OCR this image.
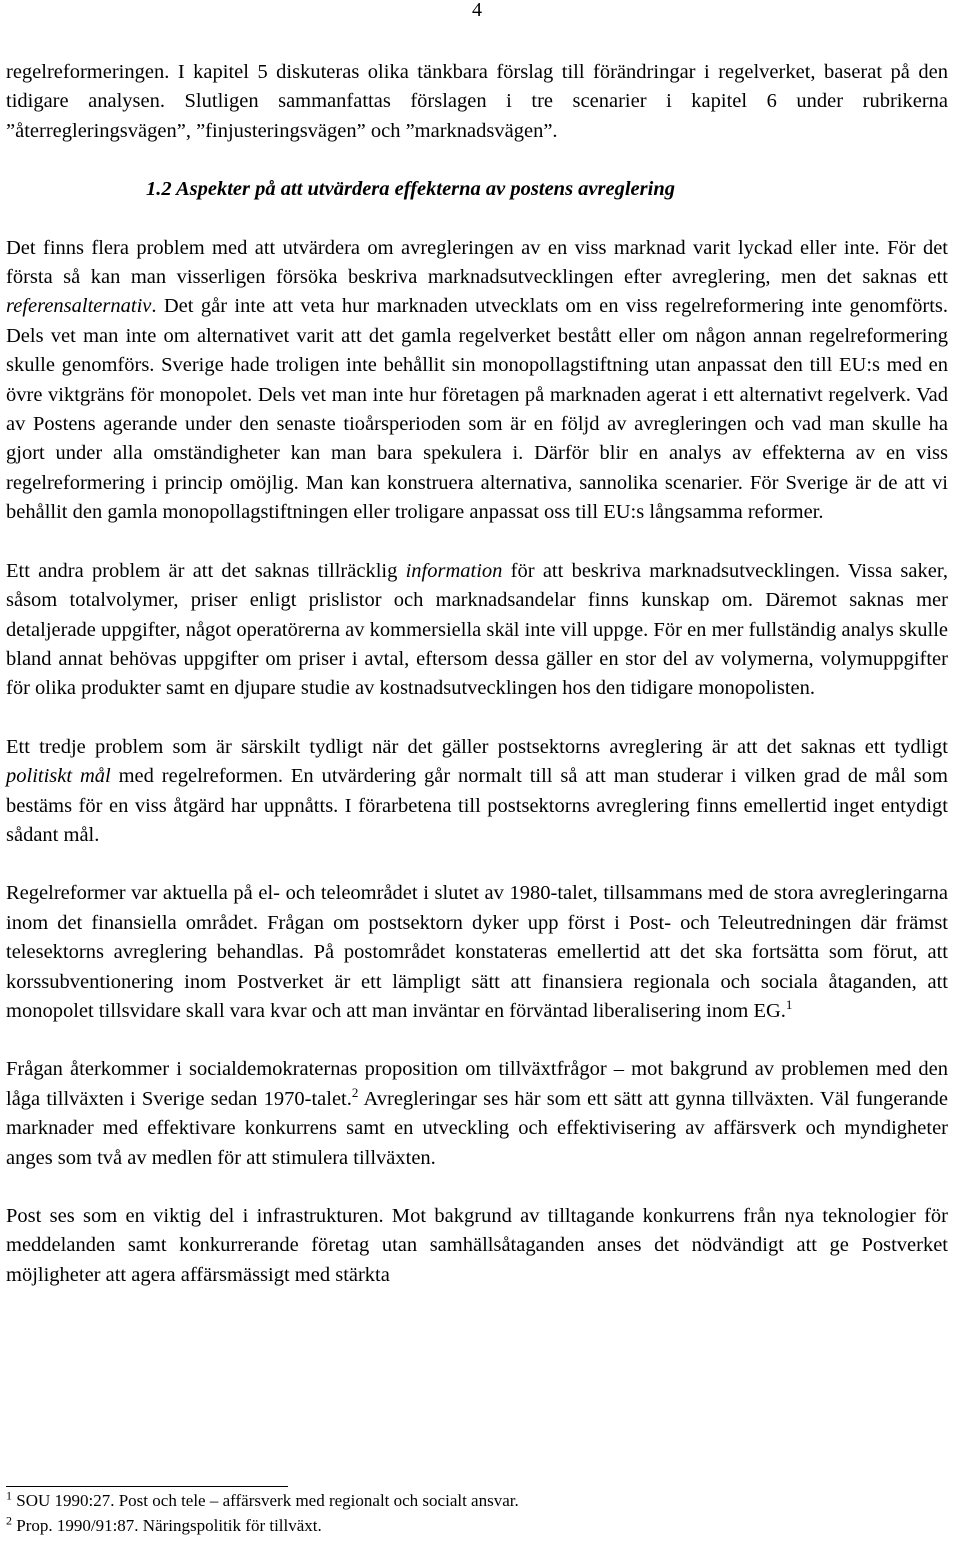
4

regelreformeringen. I kapitel 5 diskuteras olika tänkbara förslag till förändringar i regelverket, baserat på den tidigare analysen. Slutligen sammanfattas förslagen i tre scenarier i kapitel 6 under rubrikerna ”återregleringsvägen”, ”finjusteringsvägen” och ”marknadsvägen”.

1.2 Aspekter på att utvärdera effekterna av postens avreglering

Det finns flera problem med att utvärdera om avregleringen av en viss marknad varit lyckad eller inte. För det första så kan man visserligen försöka beskriva marknadsutvecklingen efter avreglering, men det saknas ett referensalternativ. Det går inte att veta hur marknaden utvecklats om en viss regelreformering inte genomförts. Dels vet man inte om alternativet varit att det gamla regelverket bestått eller om någon annan regelreformering skulle genomförs. Sverige hade troligen inte behållit sin monopollagstiftning utan anpassat den till EU:s med en övre viktgräns för monopolet. Dels vet man inte hur företagen på marknaden agerat i ett alternativt regelverk. Vad av Postens agerande under den senaste tioårsperioden som är en följd av avregleringen och vad man skulle ha gjort under alla omständigheter kan man bara spekulera i. Därför blir en analys av effekterna av en viss regelreformering i princip omöjlig. Man kan konstruera alternativa, sannolika scenarier. För Sverige är de att vi behållit den gamla monopollagstiftningen eller troligare anpassat oss till EU:s långsamma reformer.

Ett andra problem är att det saknas tillräcklig information för att beskriva marknadsutvecklingen. Vissa saker, såsom totalvolymer, priser enligt prislistor och marknadsandelar finns kunskap om. Däremot saknas mer detaljerade uppgifter, något operatörerna av kommersiella skäl inte vill uppge. För en mer fullständig analys skulle bland annat behövas uppgifter om priser i avtal, eftersom dessa gäller en stor del av volymerna, volymuppgifter för olika produkter samt en djupare studie av kostnadsutvecklingen hos den tidigare monopolisten.

Ett tredje problem som är särskilt tydligt när det gäller postsektorns avreglering är att det saknas ett tydligt politiskt mål med regelreformen. En utvärdering går normalt till så att man studerar i vilken grad de mål som bestäms för en viss åtgärd har uppnåtts. I förarbetena till postsektorns avreglering finns emellertid inget entydigt sådant mål.

Regelreformer var aktuella på el- och teleområdet i slutet av 1980-talet, tillsammans med de stora avregleringarna inom det finansiella området. Frågan om postsektorn dyker upp först i Post- och Teleutredningen där främst telesektorns avreglering behandlas. På postområdet konstateras emellertid att det ska fortsätta som förut, att korssubventionering inom Postverket är ett lämpligt sätt att finansiera regionala och sociala åtaganden, att monopolet tillsvidare skall vara kvar och att man inväntar en förväntad liberalisering inom EG.$^1$

Frågan återkommer i socialdemokraternas proposition om tillväxtfrågor – mot bakgrund av problemen med den låga tillväxten i Sverige sedan 1970-talet.$^2$ Avregleringar ses här som ett sätt att gynna tillväxten. Väl fungerande marknader med effektivare konkurrens samt en utveckling och effektivisering av affärsverk och myndigheter anges som två av medlen för att stimulera tillväxten.

Post ses som en viktig del i infrastrukturen. Mot bakgrund av tilltagande konkurrens från nya teknologier för meddelanden samt konkurrerande företag utan samhällsåtaganden anses det nödvändigt att ge Postverket möjligheter att agera affärsmässigt med stärkta

$^1$ SOU 1990:27. Post och tele – affärsverk med regionalt och socialt ansvar.
$^2$ Prop. 1990/91:87. Näringspolitik för tillväxt.
